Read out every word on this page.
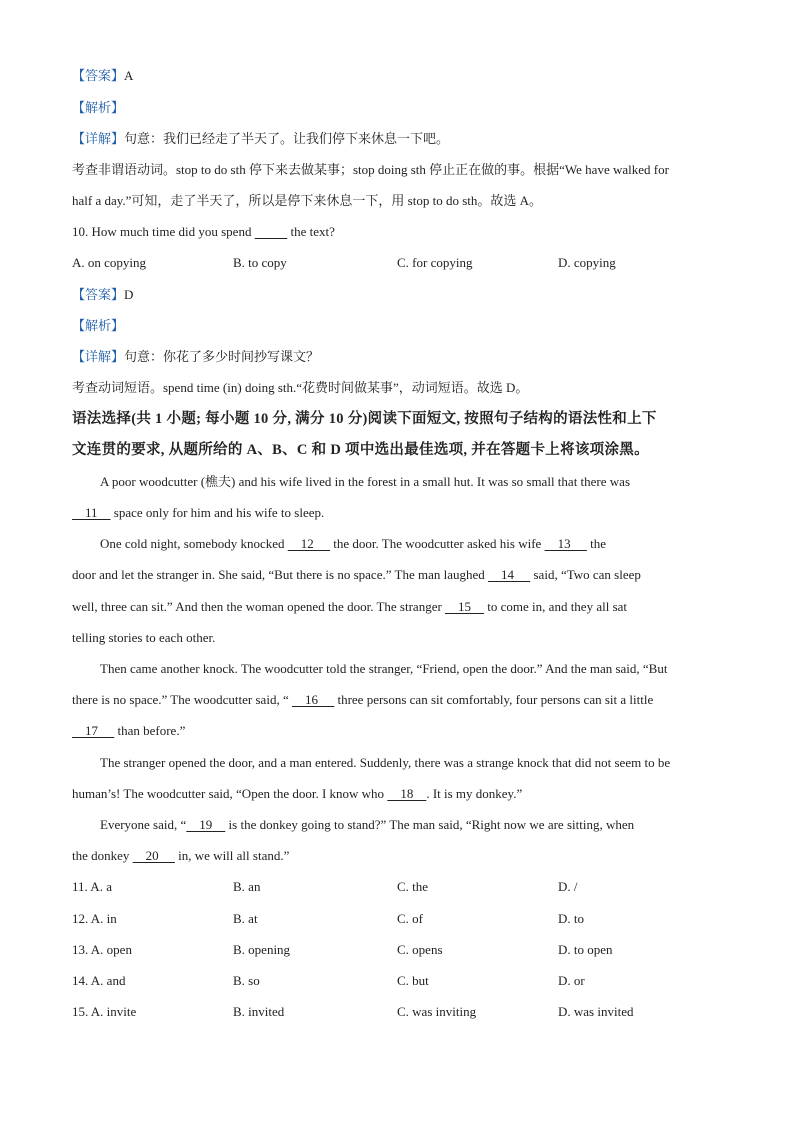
【答案】A
【解析】
【详解】句意：我们已经走了半天了。让我们停下来休息一下吧。
考查非谓语动词。stop to do sth 停下来去做某事；stop doing sth 停止正在做的事。根据“We have walked for
half a day.”可知，走了半天了，所以是停下来休息一下，用 stop to do sth。故选 A。
10. How much time did you spend	the text?
A. on copying	B. to copy	C. for copying	D. copying
【答案】D
【解析】
【详解】句意：你花了多少时间抄写课文？
考查动词短语。spend time (in) doing sth.“花费时间做某事”，动词短语。故选 D。
语法选择(共 1 小题; 每小题 10 分, 满分 10 分)阅读下面短文, 按照句子结构的语法性和上下
文连贯的要求, 从题所给的 A、B、C 和 D 项中选出最佳选项, 并在答题卡上将该项涂黑。
A poor woodcutter (樵夫) and his wife lived in the forest in a small hut. It was so small that there was
11     space only for him and his wife to sleep.
One cold night, somebody knocked     12      the door. The woodcutter asked his wife     13      the
door and let the stranger in. She said, “But there is no space.” The man laughed     14      said, “Two can sleep
well, three can sit.” And then the woman opened the door. The stranger     15     to come in, and they all sat
telling stories to each other.
Then came another knock. The woodcutter told the stranger, “Friend, open the door.” And the man said, “But
there is no space.” The woodcutter said, “     16      three persons can sit comfortably, four persons can sit a little
17      than before.”
The stranger opened the door, and a man entered. Suddenly, there was a strange knock that did not seem to be
human’s! The woodcutter said, “Open the door. I know who     18    . It is my donkey.”
Everyone said, “    19     is the donkey going to stand?” The man said, “Right now we are sitting, when
the donkey     20      in, we will all stand.”
11. A. a	B. an	C. the	D. /
12. A. in	B. at	C. of	D. to
13. A. open	B. opening	C. opens	D. to open
14. A. and	B. so	C. but	D. or
15. A. invite	B. invited	C. was inviting	D. was invited
